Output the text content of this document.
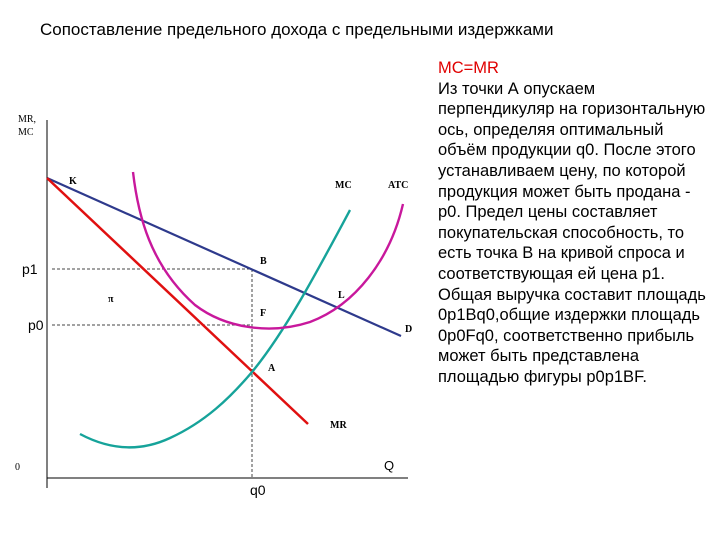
Сопоставление предельного дохода с предельными издержками
MR,
MC
0	Q
q0
p1
p0
K
B
F
A
L
D
π
MC	ATC
MR
MC=MR
Из точки А опускаем перпендикуляр на горизонтальную ось, определяя оптимальный объём продукции q0. После этого устанавливаем цену, по которой продукция может быть продана - p0. Предел цены составляет покупательская способность, то есть точка В на кривой спроса и соответствующая ей цена p1.
Общая выручка составит площадь 0p1Bq0,общие издержки площадь 0p0Fq0, соответственно прибыль может быть представлена площадью фигуры p0p1BF.
